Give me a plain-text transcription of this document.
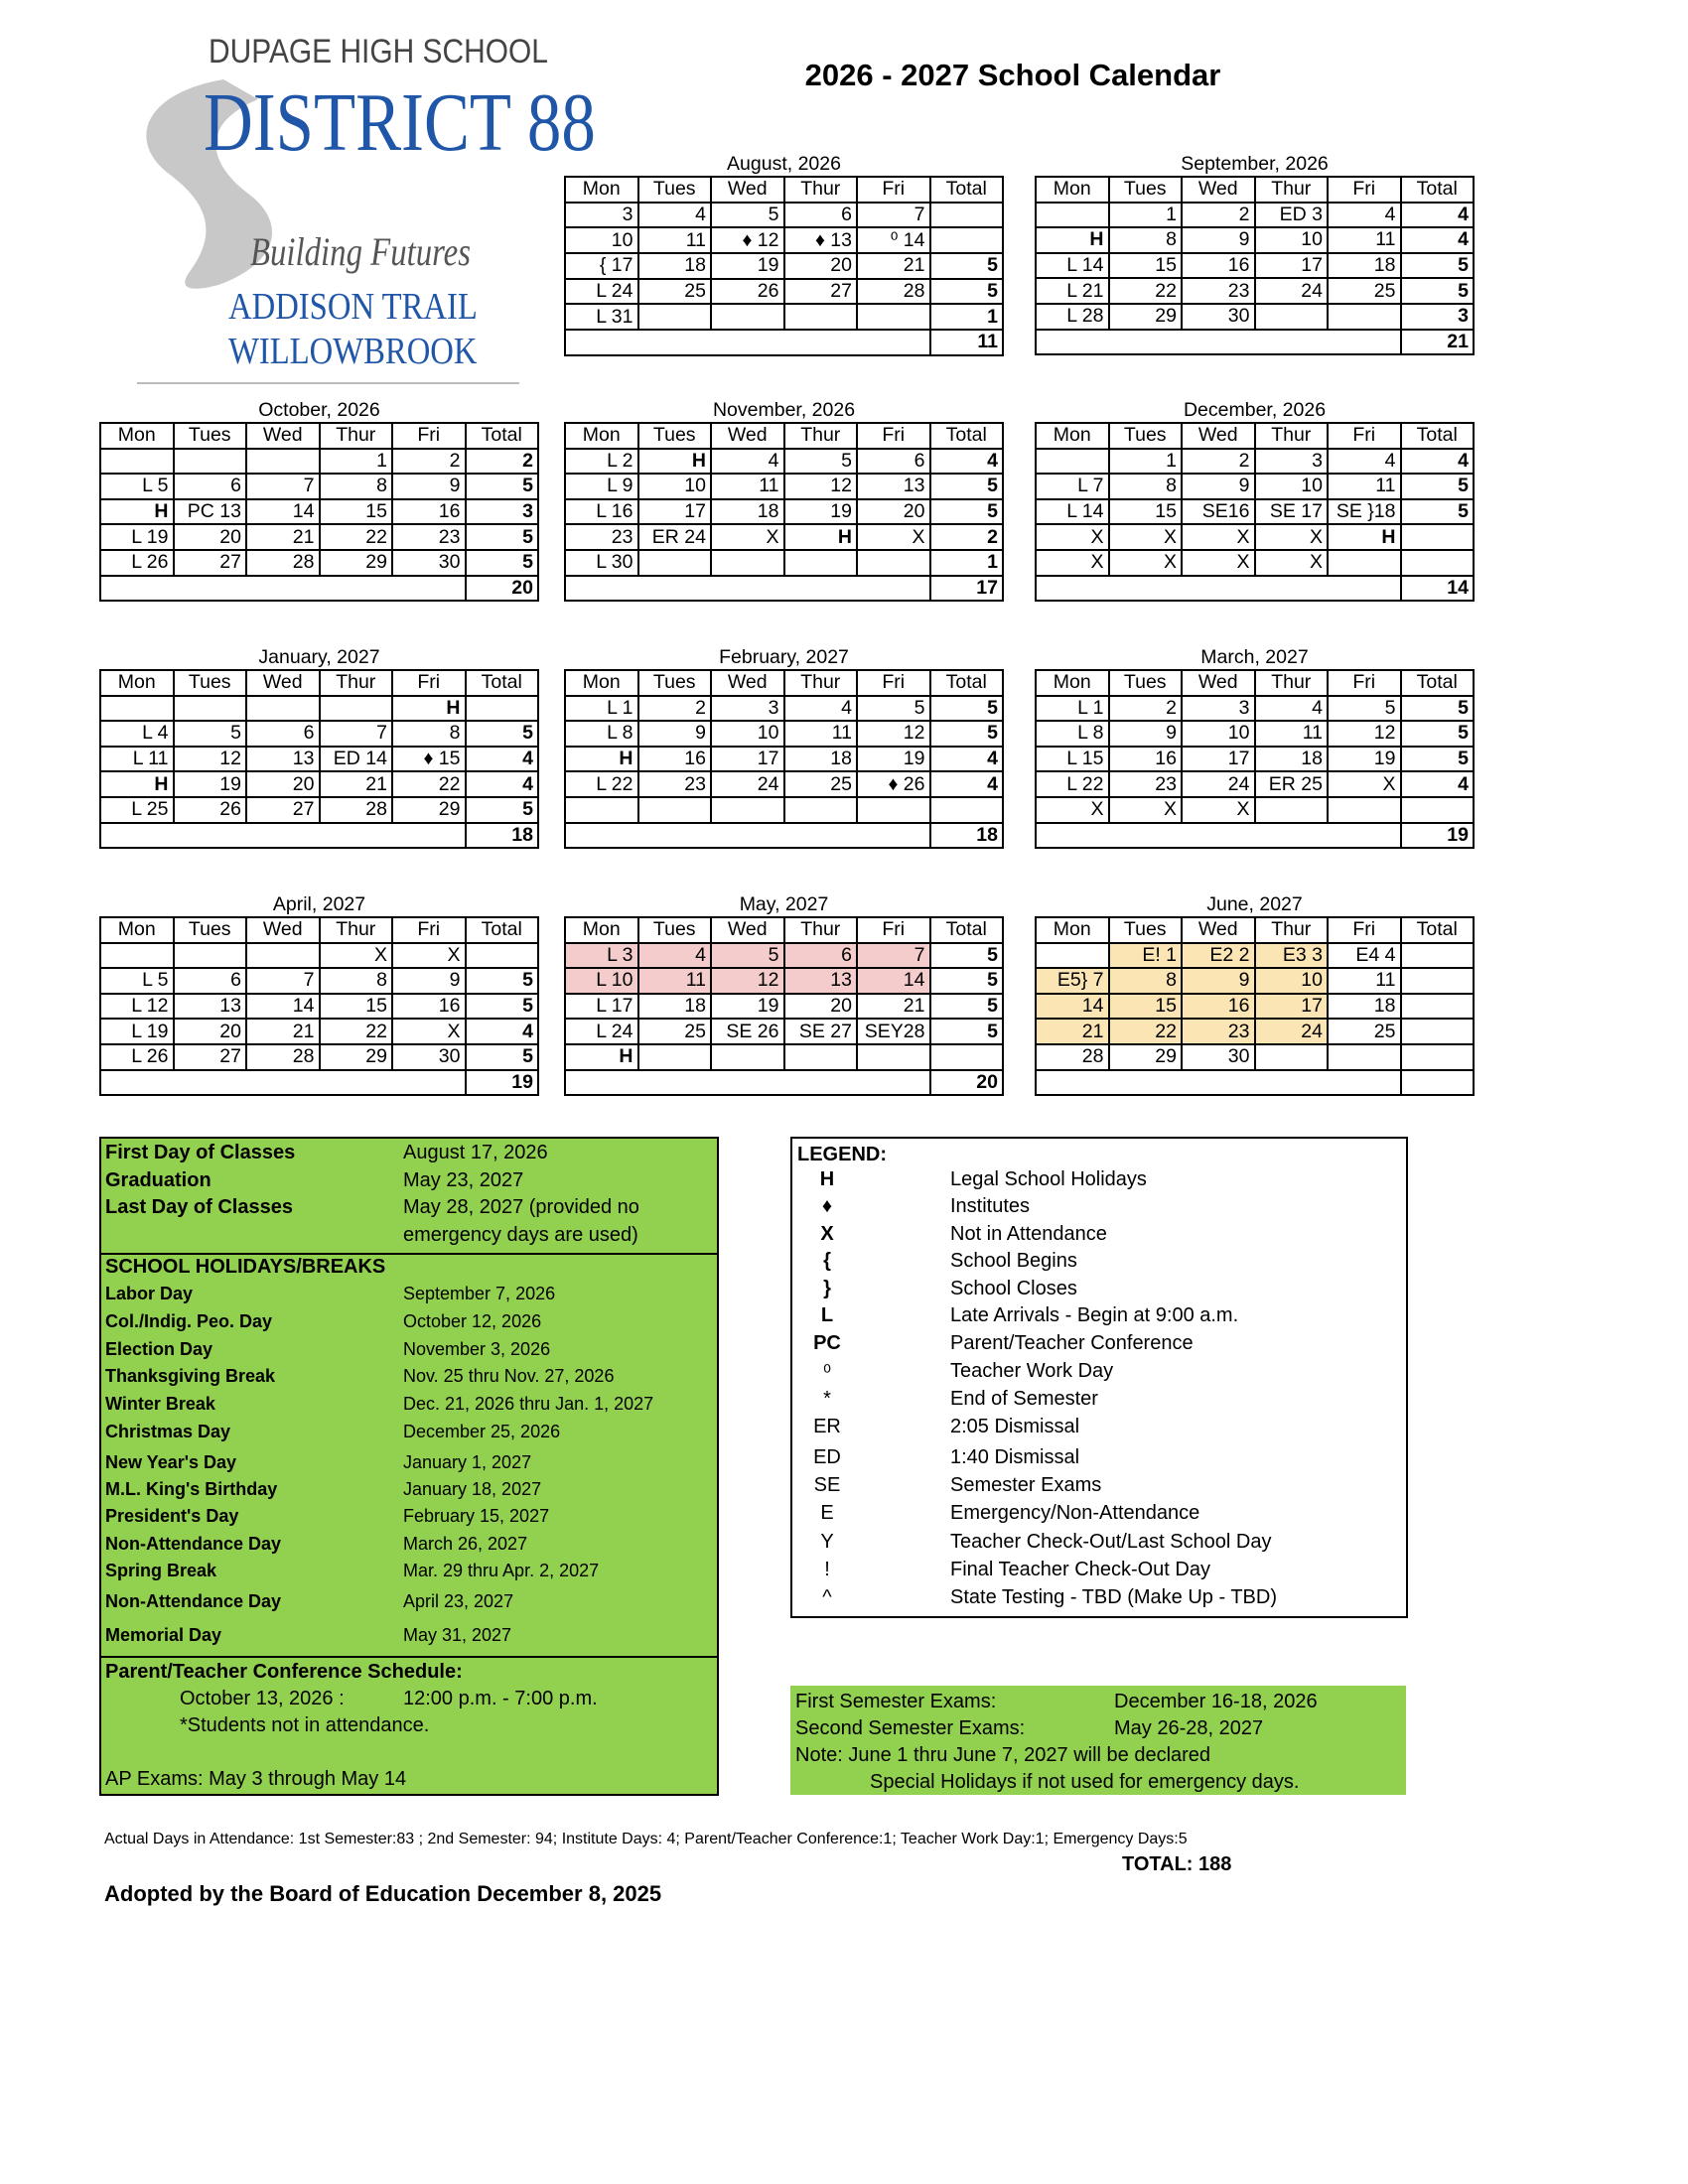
DUPAGE HIGH SCHOOL
DISTRICT 88
Building Futures
ADDISON TRAIL
WILLOWBROOK
2026 - 2027 School Calendar
August, 2026
Mon	Tues	Wed	Thur	Fri	Total
3	4	5	6	7	
10	11	♦ 12	♦ 13	⁰ 14	
{ 17	18	19	20	21	5
L 24	25	26	27	28	5
L 31					1
					11
September, 2026
Mon	Tues	Wed	Thur	Fri	Total
	1	2	ED 3	4	4
H	8	9	10	11	4
L 14	15	16	17	18	5
L 21	22	23	24	25	5
L 28	29	30			3
					21
October, 2026
Mon	Tues	Wed	Thur	Fri	Total
			1	2	2
L 5	6	7	8	9	5
H	PC 13	14	15	16	3
L 19	20	21	22	23	5
L 26	27	28	29	30	5
					20
November, 2026
Mon	Tues	Wed	Thur	Fri	Total
L 2	H	4	5	6	4
L 9	10	11	12	13	5
L 16	17	18	19	20	5
23	ER 24	X	H	X	2
L 30					1
					17
December, 2026
Mon	Tues	Wed	Thur	Fri	Total
	1	2	3	4	4
L 7	8	9	10	11	5
L 14	15	SE16	SE 17	SE }18	5
X	X	X	X	H	
X	X	X	X		
					14
January, 2027
Mon	Tues	Wed	Thur	Fri	Total
				H	
L 4	5	6	7	8	5
L 11	12	13	ED 14	♦ 15	4
H	19	20	21	22	4
L 25	26	27	28	29	5
					18
February, 2027
Mon	Tues	Wed	Thur	Fri	Total
L 1	2	3	4	5	5
L 8	9	10	11	12	5
H	16	17	18	19	4
L 22	23	24	25	♦ 26	4

					18
March, 2027
Mon	Tues	Wed	Thur	Fri	Total
L 1	2	3	4	5	5
L 8	9	10	11	12	5
L 15	16	17	18	19	5
L 22	23	24	ER 25	X	4
X	X	X			
					19
April, 2027
Mon	Tues	Wed	Thur	Fri	Total
			X	X	
L 5	6	7	8	9	5
L 12	13	14	15	16	5
L 19	20	21	22	X	4
L 26	27	28	29	30	5
					19
May, 2027
Mon	Tues	Wed	Thur	Fri	Total
L 3	4	5	6	7	5
L 10	11	12	13	14	5
L 17	18	19	20	21	5
L 24	25	SE 26	SE 27	SEY28	5
H					
					20
June, 2027
Mon	Tues	Wed	Thur	Fri	Total
	E! 1	E2 2	E3 3	E4 4	
E5} 7	8	9	10	11	
14	15	16	17	18	
21	22	23	24	25	
28	29	30			

First Day of Classes	August 17, 2026
Graduation	May 23, 2027
Last Day of Classes	May 28, 2027 (provided no
emergency days are used)
SCHOOL HOLIDAYS/BREAKS
Labor Day	September 7, 2026
Col./Indig. Peo. Day	October 12, 2026
Election Day	November 3, 2026
Thanksgiving Break	Nov. 25 thru Nov. 27, 2026
Winter Break	Dec. 21, 2026 thru Jan. 1, 2027
Christmas Day	December 25, 2026
New Year's Day	January 1, 2027
M.L. King's Birthday	January 18, 2027
President's Day	February 15, 2027
Non-Attendance Day	March 26, 2027
Spring Break	Mar. 29 thru Apr. 2, 2027
Non-Attendance Day	April 23, 2027
Memorial Day	May 31, 2027
Parent/Teacher Conference Schedule:
October 13, 2026 :	12:00 p.m. - 7:00 p.m.
*Students not in attendance.
AP Exams: May 3 through May 14
LEGEND:
H	Legal School Holidays
♦	Institutes
X	Not in Attendance
{	School Begins
}	School Closes
L	Late Arrivals - Begin at 9:00 a.m.
PC	Parent/Teacher Conference
⁰	Teacher Work Day
*	End of Semester
ER	2:05 Dismissal
ED	1:40 Dismissal
SE	Semester Exams
E	Emergency/Non-Attendance
Y	Teacher Check-Out/Last School Day
!	Final Teacher Check-Out Day
^	State Testing - TBD (Make Up - TBD)
First Semester Exams:	December 16-18, 2026
Second Semester Exams:	May 26-28, 2027
Note: June 1 thru June 7, 2027 will be declared
Special Holidays if not used for emergency days.
Actual Days in Attendance: 1st Semester:83 ; 2nd Semester: 94; Institute Days: 4; Parent/Teacher Conference:1; Teacher Work Day:1; Emergency Days:5
TOTAL: 188
Adopted by the Board of Education December 8, 2025
